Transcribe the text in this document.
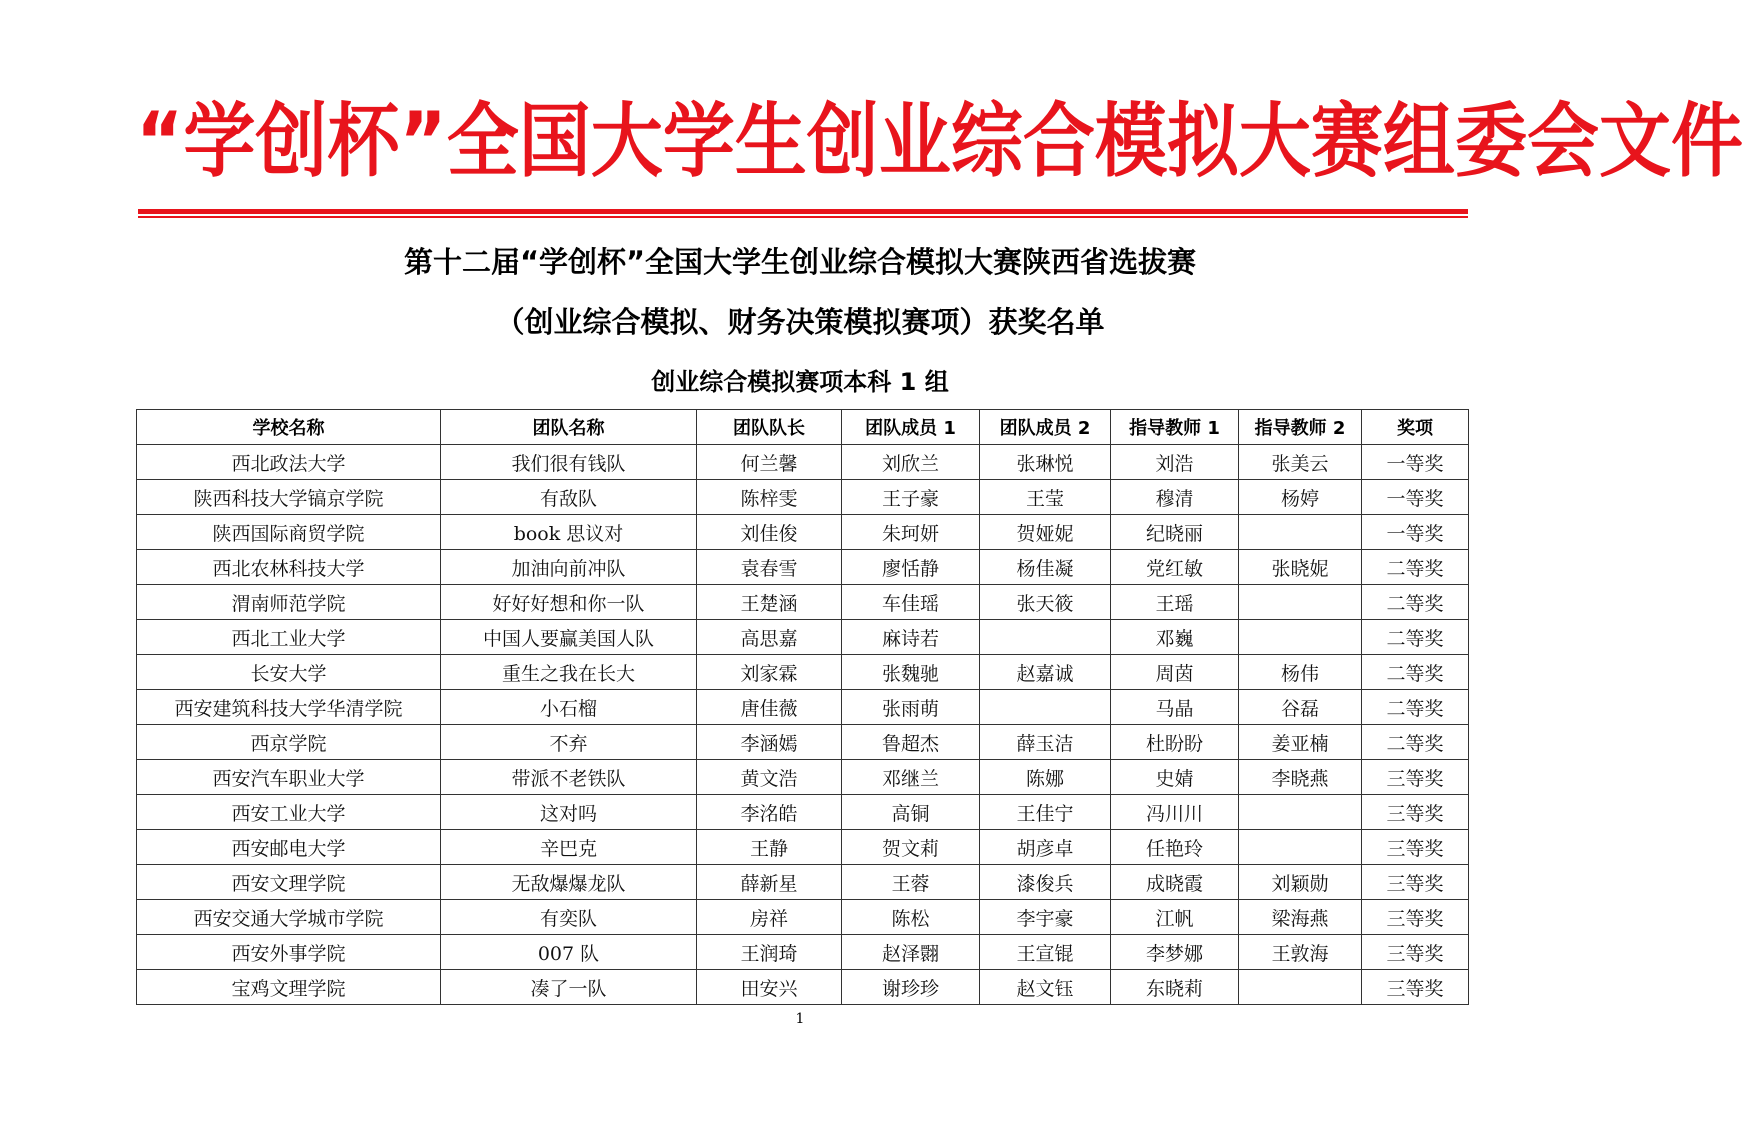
“ 学 创 杯 ” 全 国 大 学 生 创 业 综 合 模 拟 大 赛 组 委 会 文 件
第十二届“学创杯”全国大学生创业综合模拟大赛陕西省选拔赛
（创业综合模拟、财务决策模拟赛项）获奖名单
创业综合模拟赛项本科 1 组
学校名称	团队名称	团队队长	团队成员 1	团队成员 2	指导教师 1	指导教师 2	奖项
西北政法大学	我们很有钱队	何兰馨	刘欣兰	张琳悦	刘浩	张美云	一等奖
陕西科技大学镐京学院	有敌队	陈梓雯	王子豪	王莹	穆清	杨婷	一等奖
陕西国际商贸学院	book 思议对	刘佳俊	朱珂妍	贺娅妮	纪晓丽		一等奖
西北农林科技大学	加油向前冲队	袁春雪	廖恬静	杨佳凝	党红敏	张晓妮	二等奖
渭南师范学院	好好好想和你一队	王楚涵	车佳瑶	张天筱	王瑶		二等奖
西北工业大学	中国人要赢美国人队	高思嘉	麻诗若		邓巍		二等奖
长安大学	重生之我在长大	刘家霖	张魏驰	赵嘉诚	周茵	杨伟	二等奖
西安建筑科技大学华清学院	小石榴	唐佳薇	张雨萌		马晶	谷磊	二等奖
西京学院	不弃	李涵嫣	鲁超杰	薛玉洁	杜盼盼	姜亚楠	二等奖
西安汽车职业大学	带派不老铁队	黄文浩	邓继兰	陈娜	史婧	李晓燕	三等奖
西安工业大学	这对吗	李洺皓	高铜	王佳宁	冯川川		三等奖
西安邮电大学	辛巴克	王静	贺文莉	胡彦卓	任艳玲		三等奖
西安文理学院	无敌爆爆龙队	薛新星	王蓉	漆俊兵	成晓霞	刘颖勋	三等奖
西安交通大学城市学院	有奕队	房祥	陈松	李宇豪	江帆	梁海燕	三等奖
西安外事学院	007 队	王润琦	赵泽翾	王宣锟	李梦娜	王敦海	三等奖
宝鸡文理学院	凑了一队	田安兴	谢珍珍	赵文钰	东晓莉		三等奖
1
